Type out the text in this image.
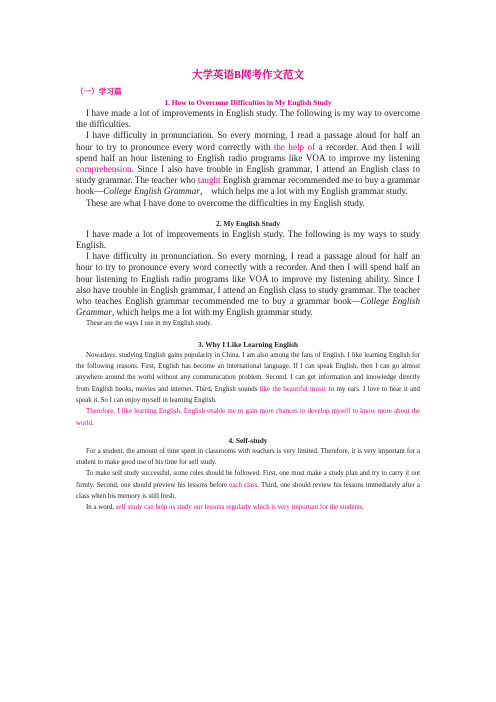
大学英语B网考作文范文
（一）学习篇
1. How to Overcome Difficulties in My English Study

I have made a lot of improvements in English study. The following is my way to overcome the difficulties.

I have difficulty in pronunciation. So every morning, I read a passage aloud for half an hour to try to pronounce every word correctly with the help of a recorder. And then I will spend half an hour listening to English radio programs like VOA to improve my listening comprehension. Since I also have trouble in English grammar, I attend an English class to study grammar. The teacher who taught English grammar recommended me to buy a grammar book—College English Grammar， which helps me a lot with my English grammar study.

These are what I have done to overcome the difficulties in my English study.

2. My English Study

I have made a lot of improvements in English study. The following is my ways to study English.

I have difficulty in pronunciation. So every morning, I read a passage aloud for half an hour to try to pronounce every word correctly with a recorder. And then I will spend half an hour listening to English radio programs like VOA to improve my listening ability. Since I also have trouble in English grammar, I attend an English class to study grammar. The teacher who teaches English grammar recommended me to buy a grammar book—College English Grammar, which helps me a lot with my English grammar study.

These are the ways I use in my English study.

3. Why I Like Learning English

Nowadays, studying English gains popularity in China. I am also among the fans of English. I like learning English for the following reasons. First, English has become an international language. If I can speak English, then I can go almost anywhere around the world without any communication problem. Second, I can get information and knowledge directly from English books, movies and internet. Third, English sounds like the beautiful music to my ears. I love to hear it and speak it. So I can enjoy myself in learning English.

Therefore, I like learning English. English enable me to gain more chances to develop myself to know more about the world.

4. Self-study

For a student, the amount of time spent in classrooms with teachers is very limited. Therefore, it is very important for a student to make good use of his time for self study.

To make self study successful, some rules should be followed. First, one must make a study plan and try to carry it out firmly. Second, one should preview his lessons before each class. Third, one should review his lessons immediately after a class when his memory is still fresh.

In a word, self study can help us study our lessons regularly which is very important for the students.
